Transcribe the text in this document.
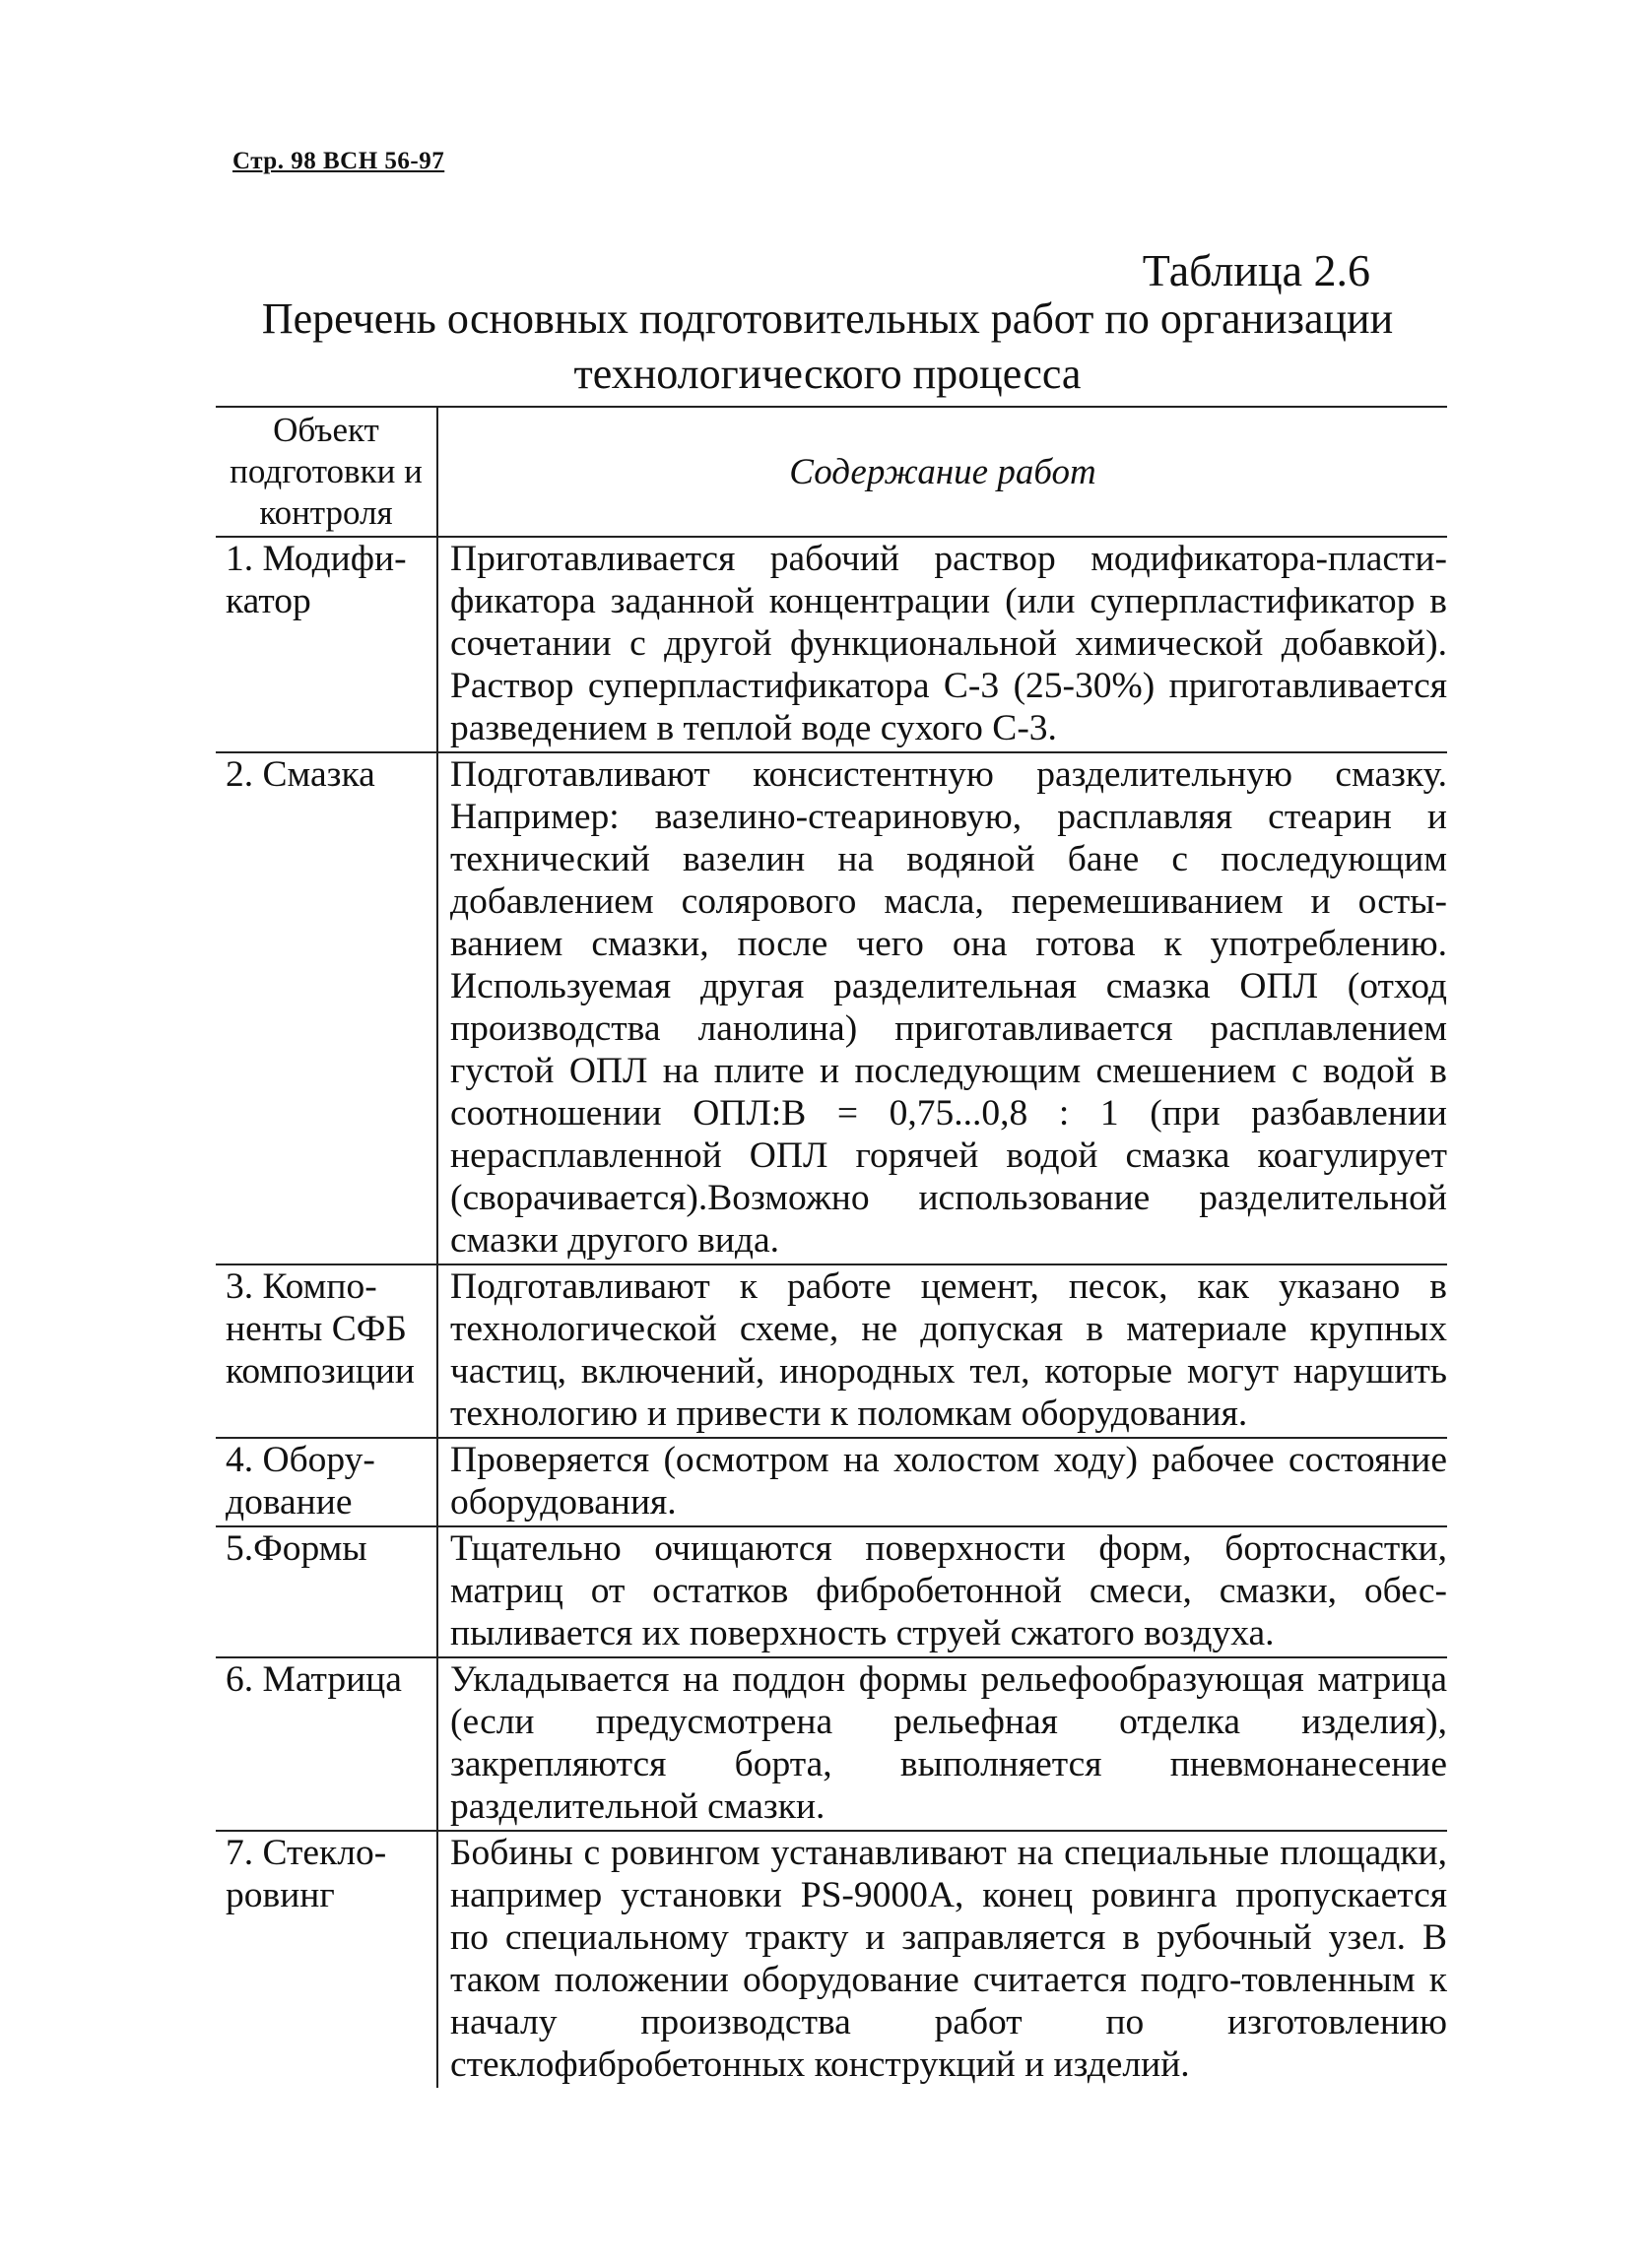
Стр. 98 ВСН 56-97
Таблица 2.6
Перечень основных подготовительных работ по организации технологического процесса
Объект подготовки и контроля	Содержание работ
1. Модификатор	Приготавливается рабочий раствор модификатора-пластификатора заданной концентрации (или суперпластификатор в сочетании с другой функциональной химической добавкой). Раствор суперпластификатора С-3 (25-30%) приготавливается разведением в теплой воде сухого С-3.
2. Смазка	Подготавливают консистентную разделительную смазку. Например: вазелино-стеариновую, расплавляя стеарин и технический вазелин на водяной бане с последующим добавлением солярового масла, перемешиванием и остыванием смазки, после чего она готова к употреблению. Используемая другая разделительная смазка ОПЛ (отход производства ланолина) приготавливается расплавлением густой ОПЛ на плите и последующим смешением с водой в соотношении ОПЛ:В = 0,75...0,8 : 1 (при разбавлении нерасплавленной ОПЛ горячей водой смазка коагулирует (сворачивается).Возможно использование разделительной смазки другого вида.
3. Компоненты СФБ композиции	Подготавливают к работе цемент, песок, как указано в технологической схеме, не допуская в материале крупных частиц, включений, инородных тел, которые могут нарушить технологию и привести к поломкам оборудования.
4. Оборудование	Проверяется (осмотром на холостом ходу) рабочее состояние оборудования.
5.Формы	Тщательно очищаются поверхности форм, бортоснастки, матриц от остатков фибробетонной смеси, смазки, обеспыливается их поверхность струей сжатого воздуха.
6. Матрица	Укладывается на поддон формы рельефообразующая матрица (если предусмотрена рельефная отделка изделия), закрепляются борта, выполняется пневмонанесение разделительной смазки.
7. Стеклоровинг	Бобины с ровингом устанавливают на специальные площадки, например установки PS-9000A, конец ровинга пропускается по специальному тракту и заправляется в рубочный узел. В таком положении оборудование считается подго-товленным к началу производства работ по изготовлению стеклофибробетонных конструкций и изделий.
